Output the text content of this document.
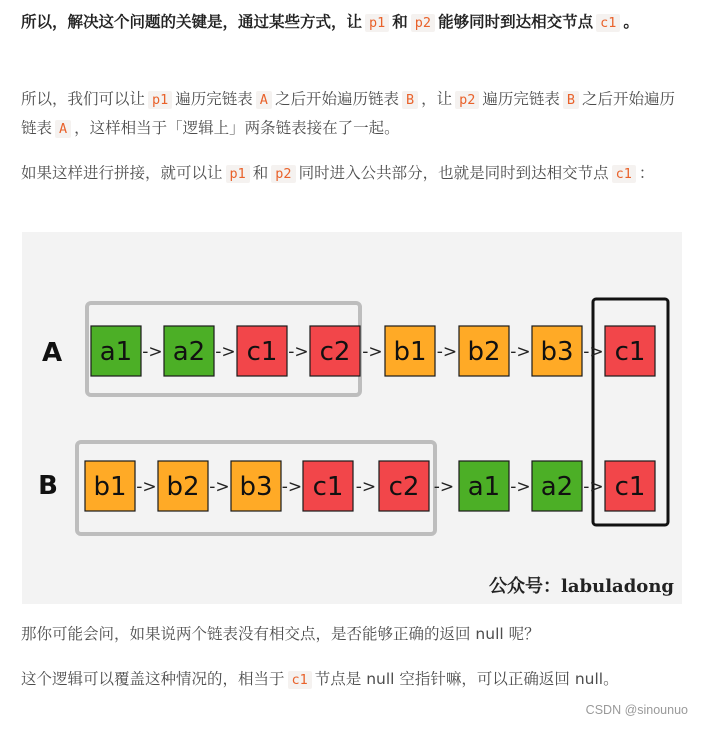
所以，解决这个问题的关键是，通过某些方式，让 p1 和 p2 能够同时到达相交节点 c1 。

所以，我们可以让 p1 遍历完链表 A 之后开始遍历链表 B ，让 p2 遍历完链表 B 之后开始遍历链表 A ，这样相当于「逻辑上」两条链表接在了一起。

如果这样进行拼接，就可以让 p1 和 p2 同时进入公共部分，也就是同时到达相交节点 c1 ：

A a1 -> a2 -> c1 -> c2 -> b1 -> b2 -> b3 -> c1
B b1 -> b2 -> b3 -> c1 -> c2 -> a1 -> a2 -> c1
公众号：labuladong

那你可能会问，如果说两个链表没有相交点，是否能够正确的返回 null 呢？

这个逻辑可以覆盖这种情况的，相当于 c1 节点是 null 空指针嘛，可以正确返回 null。

CSDN @sinounuo
